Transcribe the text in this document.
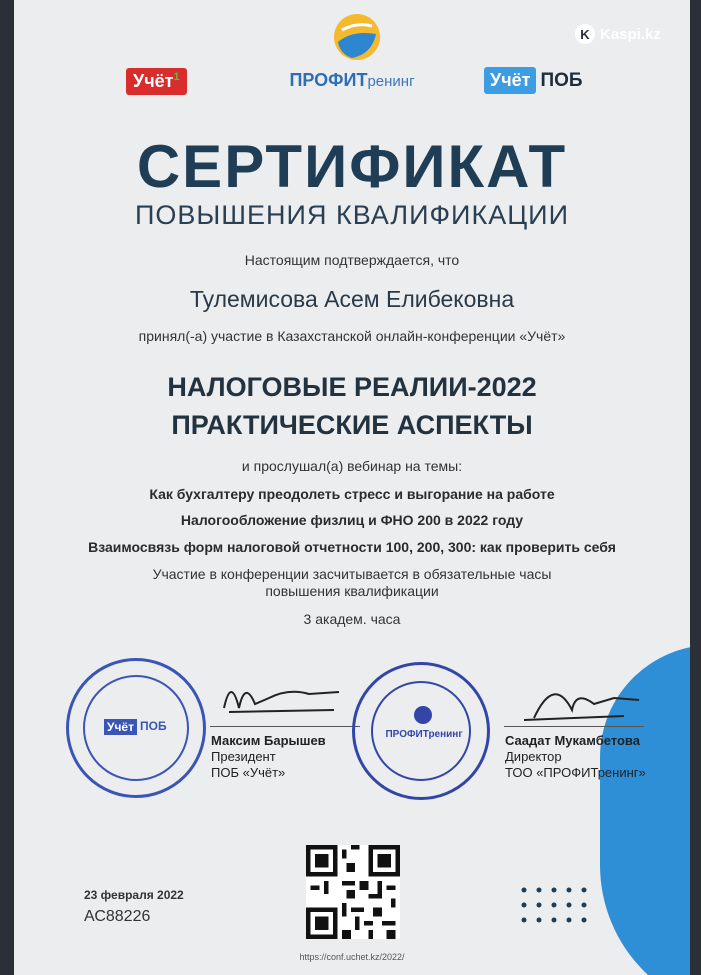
Учёт$^1$	ПРОФИТренинг	Учёт ПОБ
СЕРТИФИКАТ
ПОВЫШЕНИЯ КВАЛИФИКАЦИИ
Настоящим подтверждается, что
Тулемисова Асем Елибековна
принял(-а) участие в Казахстанской онлайн-конференции «Учёт»
НАЛОГОВЫЕ РЕАЛИИ-2022
ПРАКТИЧЕСКИЕ АСПЕКТЫ
и прослушал(а) вебинар на темы:
Как бухгалтеру преодолеть стресс и выгорание на работе
Налогообложение физлиц и ФНО 200 в 2022 году
Взаимосвязь форм налоговой отчетности 100, 200, 300: как проверить себя
Участие в конференции засчитывается в обязательные часы
повышения квалификации
3 академ. часа
Учёт ПОБ
Максим Барышев
Президент
ПОБ «Учёт»
ПРОФИТренинг	Саадат Мукамбетова
Директор
ТОО «ПРОФИТренинг»
23 февраля 2022
АС88226
https://conf.uchet.kz/2022/
K Kaspi.kz
